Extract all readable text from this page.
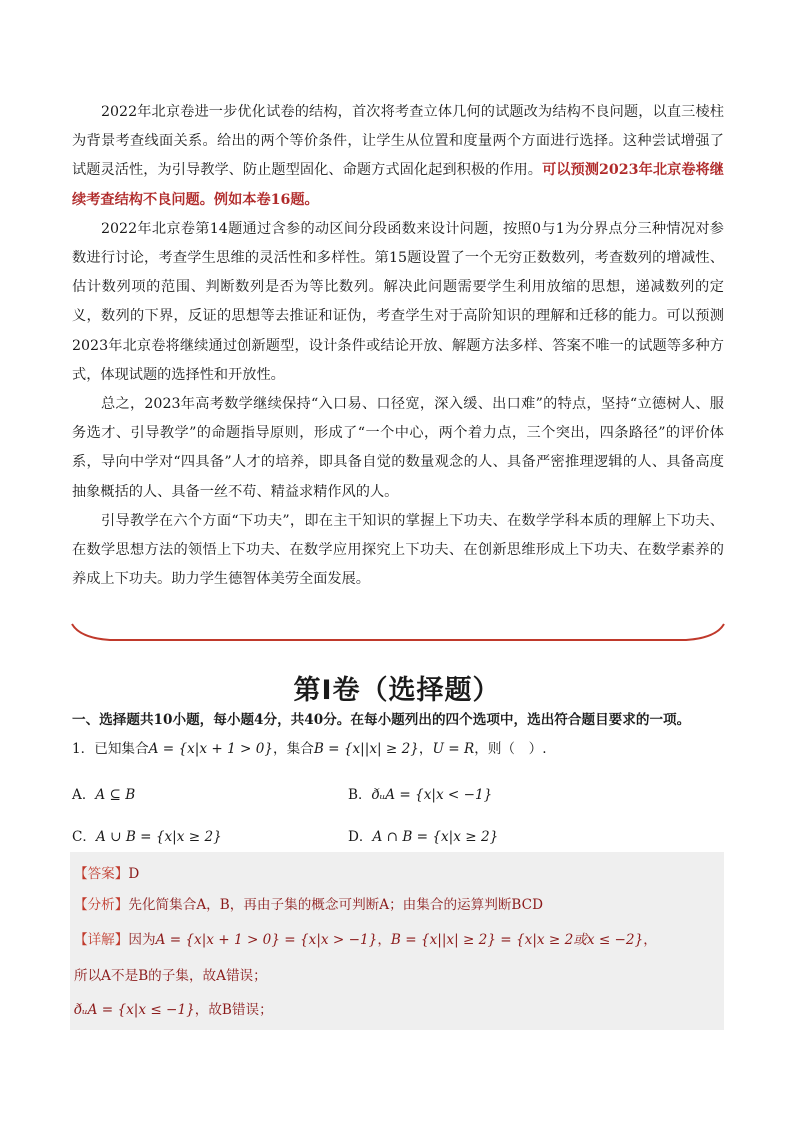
2022年北京卷进一步优化试卷的结构，首次将考查立体几何的试题改为结构不良问题，以直三棱柱为背景考查线面关系。给出的两个等价条件，让学生从位置和度量两个方面进行选择。这种尝试增强了试题灵活性，为引导教学、防止题型固化、命题方式固化起到积极的作用。可以预测2023年北京卷将继续考查结构不良问题。例如本卷16题。

2022年北京卷第14题通过含参的动区间分段函数来设计问题，按照0与1为分界点分三种情况对参数进行讨论，考查学生思维的灵活性和多样性。第15题设置了一个无穷正数数列，考查数列的增减性、估计数列项的范围、判断数列是否为等比数列。解决此问题需要学生利用放缩的思想，递减数列的定义，数列的下界，反证的思想等去推证和证伪，考查学生对于高阶知识的理解和迁移的能力。可以预测2023年北京卷将继续通过创新题型，设计条件或结论开放、解题方法多样、答案不唯一的试题等多种方式，体现试题的选择性和开放性。

总之，2023年高考数学继续保持“入口易、口径宽，深入缓、出口难”的特点，坚持“立德树人、服务选才、引导教学”的命题指导原则，形成了“一个中心，两个着力点，三个突出，四条路径”的评价体系，导向中学对“四具备”人才的培养，即具备自觉的数量观念的人、具备严密推理逻辑的人、具备高度抽象概括的人、具备一丝不苟、精益求精作风的人。

引导教学在六个方面“下功夫”，即在主干知识的掌握上下功夫、在数学学科本质的理解上下功夫、在数学思想方法的领悟上下功夫、在数学应用探究上下功夫、在创新思维形成上下功夫、在数学素养的养成上下功夫。助力学生德智体美劳全面发展。

第I卷（选择题）
一、选择题共10小题，每小题4分，共40分。在每小题列出的四个选项中，选出符合题目要求的一项。
1．已知集合A = {x|x + 1 > 0}，集合B = {x||x| ≥ 2}，U = R，则（　）.
A．A ⊆ B	B．ðᵤA = {x|x < −1}
C．A ∪ B = {x|x ≥ 2}	D．A ∩ B = {x|x ≥ 2}
【答案】D
【分析】先化简集合A，B，再由子集的概念可判断A；由集合的运算判断BCD
【详解】因为A = {x|x + 1 > 0} = {x|x > −1}，B = {x||x| ≥ 2} = {x|x ≥ 2或x ≤ −2}，
所以A不是B的子集，故A错误；
ðᵤA = {x|x ≤ −1}，故B错误；
